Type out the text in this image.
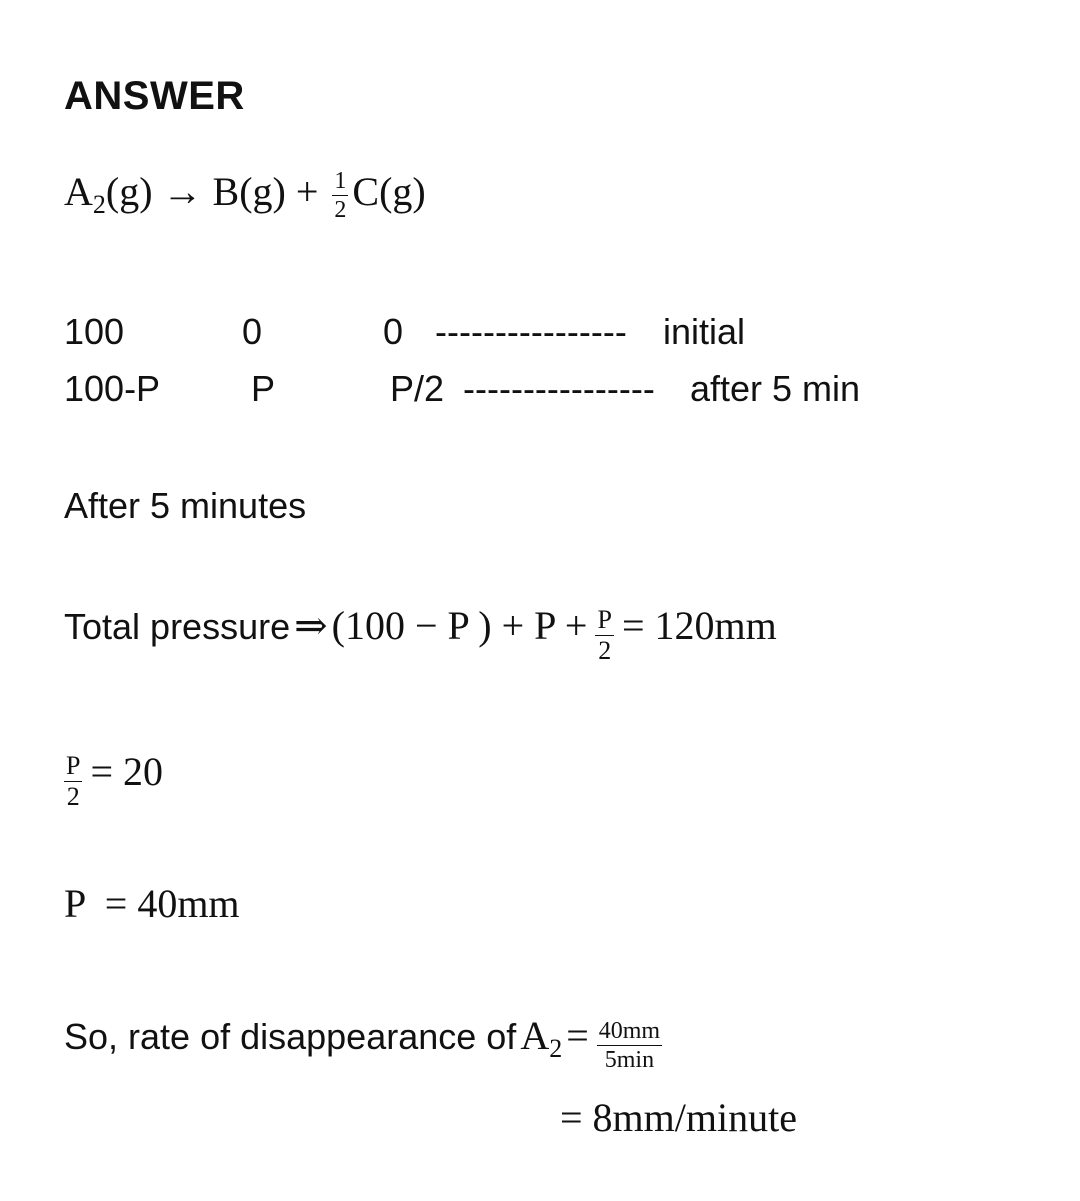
ANSWER
$A_2(g) \to B(g) + \frac{1}{2} C(g)$
100	0	0 ---------------- initial
100-P	P	P/2 ---------------- after 5 min
After 5 minutes
Total pressure ⇒ (100 − P ) + $P + \frac{P}{2} = 120mm$
$\frac{P}{2} = 20$
P  = 40mm
So, rate of disappearance of $A_2 = \frac{40mm}{5\min}$
= 8mm/minute
